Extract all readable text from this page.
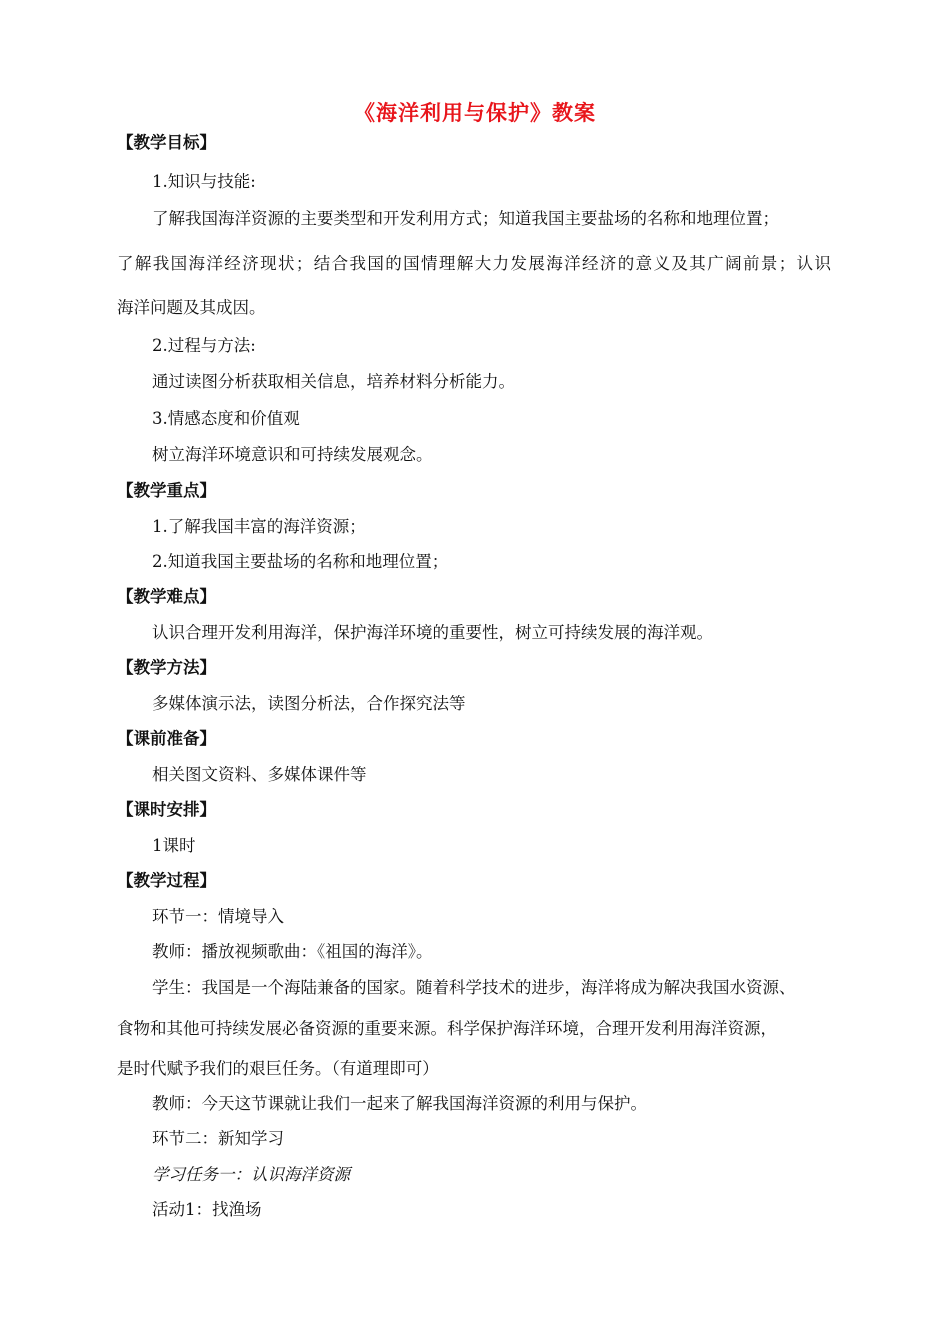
《海洋利用与保护》教案
【教学目标】
1.知识与技能:
了解我国海洋资源的主要类型和开发利用方式；知道我国主要盐场的名称和地理位置；
了解我国海洋经济现状；结合我国的国情理解大力发展海洋经济的意义及其广阔前景；认识
海洋问题及其成因。
2.过程与方法:
通过读图分析获取相关信息，培养材料分析能力。
3.情感态度和价值观
树立海洋环境意识和可持续发展观念。
【教学重点】
1.了解我国丰富的海洋资源；
2.知道我国主要盐场的名称和地理位置；
【教学难点】
认识合理开发利用海洋，保护海洋环境的重要性，树立可持续发展的海洋观。
【教学方法】
多媒体演示法，读图分析法，合作探究法等
【课前准备】
相关图文资料、多媒体课件等
【课时安排】
1课时
【教学过程】
环节一：情境导入
教师：播放视频歌曲：《祖国的海洋》。
学生：我国是一个海陆兼备的国家。随着科学技术的进步，海洋将成为解决我国水资源、
食物和其他可持续发展必备资源的重要来源。科学保护海洋环境，合理开发利用海洋资源，
是时代赋予我们的艰巨任务。（有道理即可）
教师：今天这节课就让我们一起来了解我国海洋资源的利用与保护。
环节二：新知学习
学习任务一：认识海洋资源
活动1：找渔场
